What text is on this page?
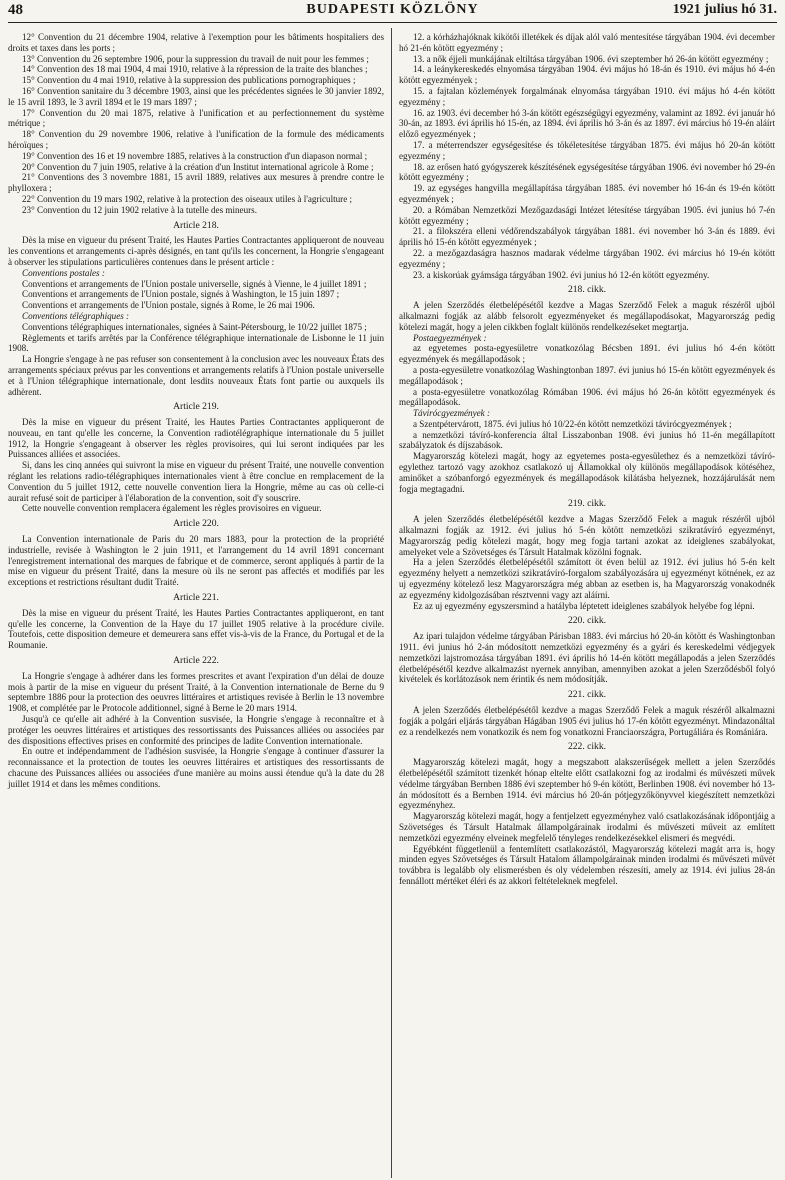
48	BUDAPESTI KÖZLÖNY	1921 julius hó 31.

12° Convention du 21 décembre 1904, relative à l'exemption pour les bâtiments hospitaliers des droits et taxes dans les ports ;

13° Convention du 26 septembre 1906, pour la suppression du travail de nuit pour les femmes ;

14° Convention des 18 mai 1904, 4 mai 1910, relative à la répression de la traite des blanches ;

15° Convention du 4 mai 1910, relative à la suppression des publications pornographiques ;

16° Convention sanitaire du 3 décembre 1903, ainsi que les précédentes signées le 30 janvier 1892, le 15 avril 1893, le 3 avril 1894 et le 19 mars 1897 ;

17° Convention du 20 mai 1875, relative à l'unification et au perfectionnement du système métrique ;

18° Convention du 29 novembre 1906, relative à l'unification de la formule des médicaments héroïques ;

19° Convention des 16 et 19 novembre 1885, relatives à la construction d'un diapason normal ;

20° Convention du 7 juin 1905, relative à la création d'un Institut international agricole à Rome ;

21° Conventions des 3 novembre 1881, 15 avril 1889, relatives aux mesures à prendre contre le phylloxera ;

22° Convention du 19 mars 1902, relative à la protection des oiseaux utiles à l'agriculture ;

23° Convention du 12 juin 1902 relative à la tutelle des mineurs.

Article 218.

Dès la mise en vigueur du présent Traité, les Hautes Parties Contractantes appliqueront de nouveau les conventions et arrangements ci-après désignés, en tant qu'ils les concernent, la Hongrie s'engageant à observer les stipulations particulières contenues dans le présent article :

Conventions postales :

Conventions et arrangements de l'Union postale universelle, signés à Vienne, le 4 juillet 1891 ;

Conventions et arrangements de l'Union postale, signés à Washington, le 15 juin 1897 ;

Conventions et arrangements de l'Union postale, signés à Rome, le 26 mai 1906.

Conventions télégraphiques :

Conventions télégraphiques internationales, signées à Saint-Pétersbourg, le 10/22 juillet 1875 ;

Règlements et tarifs arrêtés par la Conférence télégraphique internationale de Lisbonne le 11 juin 1908.

La Hongrie s'engage à ne pas refuser son consentement à la conclusion avec les nouveaux États des arrangements spéciaux prévus par les conventions et arrangements relatifs à l'Union postale universelle et à l'Union télégraphique internationale, dont lesdits nouveaux États font partie ou auxquels ils adhèrent.

Article 219.

Dès la mise en vigueur du présent Traité, les Hautes Parties Contractantes appliqueront de nouveau, en tant qu'elle les concerne, la Convention radiotélégraphique internationale du 5 juillet 1912, la Hongrie s'engageant à observer les règles provisoires, qui lui seront indiquées par les Puissances alliées et associées.

Si, dans les cinq années qui suivront la mise en vigueur du présent Traité, une nouvelle convention réglant les relations radio-télégraphiques internationales vient à être conclue en remplacement de la Convention du 5 juillet 1912, cette nouvelle convention liera la Hongrie, même au cas où celle-ci aurait refusé soit de participer à l'élaboration de la convention, soit d'y souscrire.

Cette nouvelle convention remplacera également les règles provisoires en vigueur.

Article 220.

La Convention internationale de Paris du 20 mars 1883, pour la protection de la propriété industrielle, revisée à Washington le 2 juin 1911, et l'arrangement du 14 avril 1891 concernant l'enregistrement international des marques de fabrique et de commerce, seront appliqués à partir de la mise en vigueur du présent Traité, dans la mesure où ils ne seront pas affectés et modifiés par les exceptions et restrictions résultant dudit Traité.

Article 221.

Dès la mise en vigueur du présent Traité, les Hautes Parties Contractantes appliqueront, en tant qu'elle les concerne, la Convention de la Haye du 17 juillet 1905 relative à la procédure civile. Toutefois, cette disposition demeure et demeurera sans effet vis-à-vis de la France, du Portugal et de la Roumanie.

Article 222.

La Hongrie s'engage à adhérer dans les formes prescrites et avant l'expiration d'un délai de douze mois à partir de la mise en vigueur du présent Traité, à la Convention internationale de Berne du 9 septembre 1886 pour la protection des oeuvres littéraires et artistiques revisée à Berlin le 13 novembre 1908, et complétée par le Protocole additionnel, signé à Berne le 20 mars 1914.

Jusqu'à ce qu'elle ait adhéré à la Convention susvisée, la Hongrie s'engage à reconnaître et à protéger les oeuvres littéraires et artistiques des ressortissants des Puissances alliées ou associées par des dispositions effectives prises en conformité des principes de ladite Convention internationale.

En outre et indépendamment de l'adhésion susvisée, la Hongrie s'engage à continuer d'assurer la reconnaissance et la protection de toutes les oeuvres littéraires et artistiques des ressortissants de chacune des Puissances alliées ou associées d'une manière au moins aussi étendue qu'à la date du 28 juillet 1914 et dans les mêmes conditions.

12. a kórházhajóknak kikötői illetékek és díjak alól való mentesítése tárgyában 1904. évi december hó 21-én kötött egyezmény ;

13. a nők éjjeli munkájának eltiltása tárgyában 1906. évi szeptember hó 26-án kötött egyezmény ;

14. a leánykereskedés elnyomása tárgyában 1904. évi május hó 18-án és 1910. évi május hó 4-én kötött egyezmények ;

15. a fajtalan közlemények forgalmának elnyomása tárgyában 1910. évi május hó 4-én kötött egyezmény ;

16. az 1903. évi december hó 3-án kötött egészségügyi egyezmény, valamint az 1892. évi január hó 30-án, az 1893. évi április hó 15-én, az 1894. évi április hó 3-án és az 1897. évi március hó 19-én aláírt előző egyezmények ;

17. a méterrendszer egységesítése és tökéletesítése tárgyában 1875. évi május hó 20-án kötött egyezmény ;

18. az erősen ható gyógyszerek készítésének egységesítése tárgyában 1906. évi november hó 29-én kötött egyezmény ;

19. az egységes hangvilla megállapítása tárgyában 1885. évi november hó 16-án és 19-én kötött egyezmények ;

20. a Rómában Nemzetközi Mezőgazdasági Intézet létesítése tárgyában 1905. évi junius hó 7-én kötött egyezmény ;

21. a filokszéra elleni védőrendszabályok tárgyában 1881. évi november hó 3-án és 1889. évi április hó 15-én kötött egyezmények ;

22. a mezőgazdaságra hasznos madarak védelme tárgyában 1902. évi március hó 19-én kötött egyezmény ;

23. a kiskorúak gyámsága tárgyában 1902. évi junius hó 12-én kötött egyezmény.

218. cikk.

A jelen Szerződés életbelépésétől kezdve a Magas Szerződő Felek a maguk részéről ujból alkalmazni fogják az alább felsorolt egyezményeket és megállapodásokat, Magyarország pedig kötelezi magát, hogy a jelen cikkben foglalt különös rendelkezéseket megtartja.

Postaegyezmények :

az egyetemes posta-egyesületre vonatkozólag Bécsben 1891. évi julius hó 4-én kötött egyezmények és megállapodások ;

a posta-egyesületre vonatkozólag Washingtonban 1897. évi junius hó 15-én kötött egyezmények és megállapodások ;

a posta-egyesületre vonatkozólag Rómában 1906. évi május hó 26-án kötött egyezmények és megállapodások.

Távirócgyezmények :

a Szentpétervárott, 1875. évi julius hó 10/22-én kötött nemzetközi távirócgyezmények ;

a nemzetközi távíró-konferencia által Lisszabonban 1908. évi junius hó 11-én megállapított szabályzatok és díjszabások.

Magyarország kötelezi magát, hogy az egyetemes posta-egyesülethez és a nemzetközi távíró-egylethez tartozó vagy azokhoz csatlakozó uj Államokkal oly különös megállapodások kötéséhez, aminőket a szóbanforgó egyezmények és megállapodások kilátásba helyeznek, hozzájárulását nem fogja megtagadni.

219. cikk.

A jelen Szerződés életbelépésétől kezdve a Magas Szerződő Felek a maguk részéről ujból alkalmazni fogják az 1912. évi julius hó 5-én kötött nemzetközi szikratávíró egyezményt, Magyarország pedig kötelezi magát, hogy meg fogja tartani azokat az ideiglenes szabályokat, amelyeket vele a Szövetséges és Társult Hatalmak közölni fognak.

Ha a jelen Szerződés életbelépésétől számított öt éven belül az 1912. évi julius hó 5-én kelt egyezmény helyett a nemzetközi szikratávíró-forgalom szabályozására uj egyezményt kötnének, ez az uj egyezmény kötelező lesz Magyarországra még abban az esetben is, ha Magyarország vonakodnék az egyezmény kidolgozásában résztvenni vagy azt aláírni.

Ez az uj egyezmény egyszersmind a hatályba léptetett ideiglenes szabályok helyébe fog lépni.

220. cikk.

Az ipari tulajdon védelme tárgyában Párisban 1883. évi március hó 20-án kötött és Washingtonban 1911. évi junius hó 2-án módosított nemzetközi egyezmény és a gyári és kereskedelmi védjegyek nemzetközi lajstromozása tárgyában 1891. évi április hó 14-én kötött megállapodás a jelen Szerződés életbelépésétől kezdve alkalmazást nyernek annyiban, amennyiben azokat a jelen Szerződésből folyó kivételek és korlátozások nem érintik és nem módosítják.

221. cikk.

A jelen Szerződés életbelépésétől kezdve a magas Szerződő Felek a maguk részéről alkalmazni fogják a polgári eljárás tárgyában Hágában 1905 évi julius hó 17-én kötött egyezményt. Mindazonáltal ez a rendelkezés nem vonatkozik és nem fog vonatkozni Franciaországra, Portugáliára és Romániára.

222. cikk.

Magyarország kötelezi magát, hogy a megszabott alakszerűségek mellett a jelen Szerződés életbelépésétől számított tizenkét hónap eltelte előtt csatlakozni fog az irodalmi és művészeti művek védelme tárgyában Bernben 1886 évi szeptember hó 9-én kötött, Berlinben 1908. évi november hó 13-án módosított és a Bernben 1914. évi március hó 20-án pótjegyzőkönyvvel kiegészített nemzetközi egyezményhez.

Magyarország kötelezi magát, hogy a fentjelzett egyezményhez való csatlakozásának időpontjáig a Szövetséges és Társult Hatalmak állampolgárainak irodalmi és művészeti műveit az említett nemzetközi egyezmény elveinek megfelelő tényleges rendelkezésekkel elismeri és megvédi.

Egyébként függetlenül a fentemlített csatlakozástól, Magyarország kötelezi magát arra is, hogy minden egyes Szövetséges és Társult Hatalom állampolgárainak minden irodalmi és művészeti művét továbbra is legalább oly elismerésben és oly védelemben részesíti, amely az 1914. évi julius 28-án fennállott mértéket éléri és az akkori feltételeknek megfelel.
